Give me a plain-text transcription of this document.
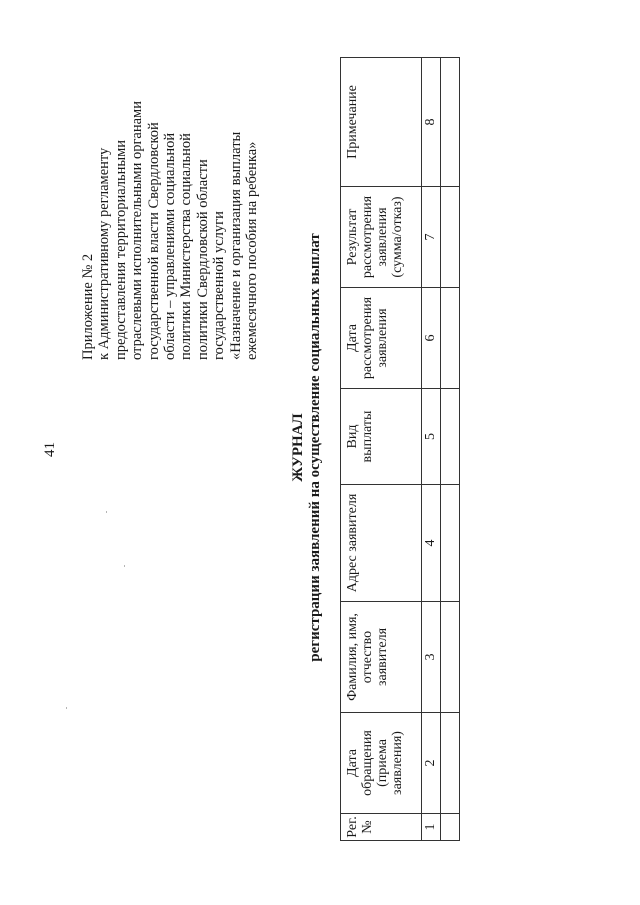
41
Приложение № 2 к Административному регламенту предоставления территориальными отраслевыми исполнительными органами государственной власти Свердловской области – управлениями социальной политики Министерства социальной политики Свердловской области государственной услуги «Назначение и организация выплаты ежемесячного пособия на ребенка»
ЖУРНАЛ регистрации заявлений на осуществление социальных выплат
Рег. №	Дата обращения (приема заявления)	Фамилия, имя, отчество заявителя	Адрес заявителя	Вид выплаты	Дата рассмотрения заявления	Результат рассмотрения заявления (сумма/отказ)	Примечание

1	2	3	4	5	6	7	8
